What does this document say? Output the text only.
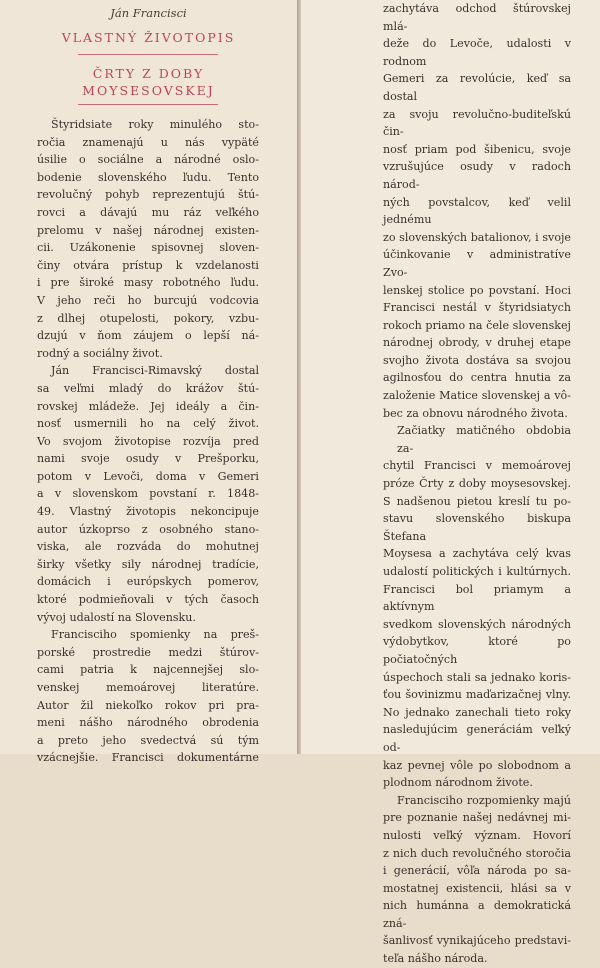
Ján Francisci
VLASTNÝ ŽIVOTOPIS
ČRTY Z DOBY
MOYSESOVSKEJ

Štyridsiate roky minulého sto-

ročia znamenajú u nás vypäté

úsilie o sociálne a národné oslo-

bodenie slovenského ľudu. Tento

revolučný pohyb reprezentujú štú-

rovci a dávajú mu ráz veľkého

prelomu v našej národnej existen-

cii. Uzákonenie spisovnej sloven-

činy otvára prístup k vzdelanosti

i pre široké masy robotného ľudu.

V jeho reči ho burcujú vodcovia

z dlhej otupelosti, pokory, vzbu-

dzujú v ňom záujem o lepší ná-

rodný a sociálny život.

Ján Francisci-Rimavský dostal

sa veľmi mladý do krážov štú-

rovskej mládeže. Jej ideály a čin-

nosť usmernili ho na celý život.

Vo svojom životopise rozvíja pred

nami svoje osudy v Prešporku,

potom v Levoči, doma v Gemeri

a v slovenskom povstaní r. 1848-

49. Vlastný životopis nekoncipuje

autor úzkoprso z osobného stano-

viska, ale rozváda do mohutnej

širky všetky sily národnej tradície,

domácich i európskych pomerov,

ktoré podmieňovali v tých časoch

vývoj udalostí na Slovensku.

Francisciho spomienky na preš-

porské prostredie medzi štúrov-

cami patria k najcennejšej slo-

venskej memoárovej literatúre.

Autor žil niekoľko rokov pri pra-

meni nášho národného obrodenia

a preto jeho svedectvá sú tým

vzácnejšie. Francisci dokumentárne

zachytáva odchod štúrovskej mlá-

deže do Levoče, udalosti v rodnom

Gemeri za revolúcie, keď sa dostal

za svoju revolučno-buditeľskú čin-

nosť priam pod šibenicu, svoje

vzrušujúce osudy v radoch národ-

ných povstalcov, keď velil jednému

zo slovenských batalionov, i svoje

účinkovanie v administratíve Zvo-

lenskej stolice po povstaní. Hoci

Francisci nestál v štyridsiatych

rokoch priamo na čele slovenskej

národnej obrody, v druhej etape

svojho života dostáva sa svojou

agilnosťou do centra hnutia za

založenie Matice slovenskej a vô-

bec za obnovu národného života.

Začiatky matičného obdobia za-

chytil Francisci v memoárovej

próze Črty z doby moysesovskej.

S nadšenou pietou kreslí tu po-

stavu slovenského biskupa Štefana

Moysesa a zachytáva celý kvas

udalostí politických i kultúrnych.

Francisci bol priamym a aktívnym

svedkom slovenských národných

výdobytkov, ktoré po počiatočných

úspechoch stali sa jednako koris-

ťou šovinizmu maďarizačnej vlny.

No jednako zanechali tieto roky

nasledujúcim generáciám veľký od-

kaz pevnej vôle po slobodnom a

plodnom národnom živote.

Francisciho rozpomienky majú

pre poznanie našej nedávnej mi-

nulosti veľký význam. Hovorí

z nich duch revolučného storočia

i generácií, vôľa národa po sa-

mostatnej existencii, hlási sa v

nich humánna a demokratická zná-

šanlivosť vynikajúceho predstavi-

teľa nášho národa.
